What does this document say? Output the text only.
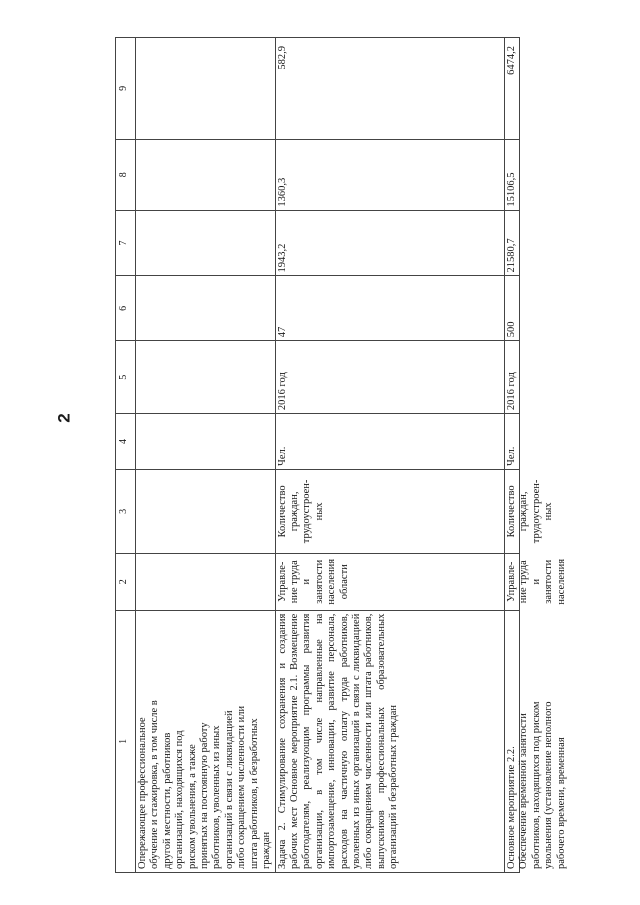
2
1
2
3
4
5
6
7
8
9
Опережающее профессиональное
обучение и стажировка, в том числе в
другой местности, работников
организаций, находящихся под
риском увольнения, а также
принятых на постоянную работу
работников, уволенных из иных
организаций в связи с ликвидацией
либо сокращением численности или
штата работников, и безработных
граждан Задача 2. Стимулирование сохранения и создания рабочих мест Основное мероприятие 2.1. Возмещение работодателям, реализующим программы развития организации, в том числе направленные на импортозамещение, инновации, развитие персонала, расходов на частичную оплату труда работников, уволенных из иных организаций в связи с ликвидацией либо сокращением численности или штата работников, выпускников профессиональных образовательных организаций и безработных граждан
Управле-
ние труда
и
занятости
населения
области
Количество
граждан,
трудоустроен-
ных
Чел.
2016 год
47
1943,2
1360,3
582,9
Основное мероприятие 2.2.
Обеспечение временной занятости
работников, находящихся под риском
увольнения (установление неполного
рабочего времени, временная
Управле-
ние труда
и
занятости
населения
Количество
граждан,
трудоустроен-
ных
Чел.
2016 год
500
21580,7
15106,5
6474,2
